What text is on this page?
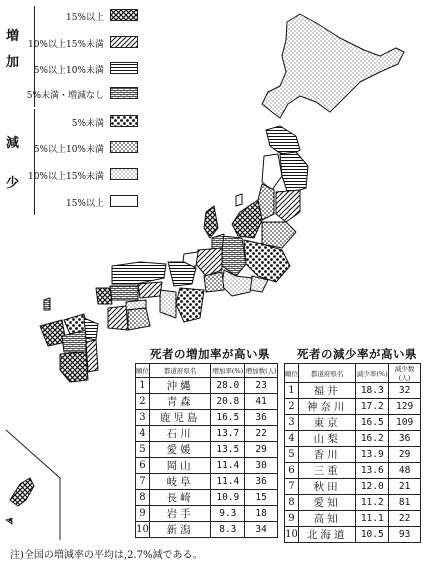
増加
減少
15%以上
10%以上15%未満
5%以上10%未満
5%未満・増減なし
5%未満
5%以上10%未満
10%以上15%未満
15%以上
死者の増加率が高い県
順位	都道府県名	増加率(%)	増加数(人)
1	沖縄	28.0	23
2	青森	20.8	41
3	鹿児島	16.5	36
4	石川	13.7	22
5	愛媛	13.5	29
6	岡山	11.4	30
7	岐阜	11.4	36
8	長崎	10.9	15
9	岩手	9.3	18
10	新潟	8.3	34
死者の減少率が高い県
順位	都道府県名	減少率(%)	減少数(人)
1	福井	18.3	32
2	神奈川	17.2	129
3	東京	16.5	109
4	山梨	16.2	36
5	香川	13.9	29
6	三重	13.6	48
7	秋田	12.0	21
8	愛知	11.2	81
9	高知	11.1	22
10	北海道	10.5	93
注)全国の増減率の平均は,2.7%減である。
